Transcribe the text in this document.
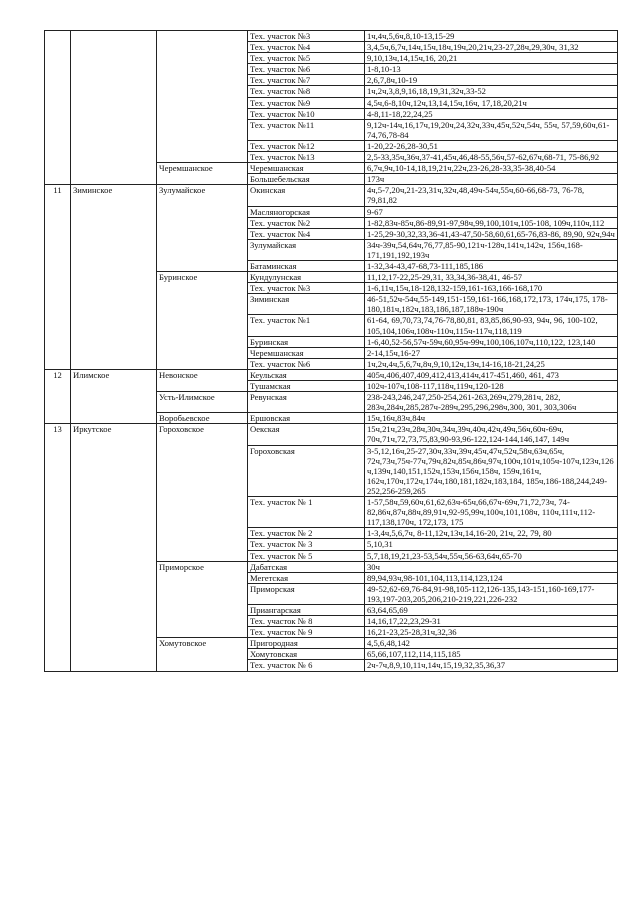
			Тех. участок №3	1ч,4ч,5,6ч,8,10-13,15-29
			Тех. участок №4	3,4,5ч,6,7ч,14ч,15ч,18ч,19ч,20,21ч,23-27,28ч,29,30ч, 31,32
			Тех. участок №5	9,10,13ч,14,15ч,16, 20,21
			Тех. участок №6	1-8,10-13
			Тех. участок №7	2,6,7,8ч,10-19
			Тех. участок №8	1ч,2ч,3,8,9,16,18,19,31,32ч,33-52
			Тех. участок №9	4,5ч,6-8,10ч,12ч,13,14,15ч,16ч, 17,18,20,21ч
			Тех. участок №10	4-8,11-18,22,24,25
			Тех. участок №11	9,12ч-14ч,16,17ч,19,20ч,24,32ч,33ч,45ч,52ч,54ч, 55ч, 57,59,60ч,61-74,76,78-84
			Тех. участок №12	1-20,22-26,28-30,51
			Тех. участок №13	2,5-33,35ч,36ч,37-41,45ч,46,48-55,56ч,57-62,67ч,68-71, 75-86,92
		Черемшанское	Черемшанская	6,7ч,9ч,10-14,18,19,21ч,22ч,23-26,28-33,35-38,40-54
			Большебельская	173ч
11	Зиминское	Зулумайское	Окинская	4ч,5-7,20ч,21-23,31ч,32ч,48,49ч-54ч,55ч,60-66,68-73, 76-78, 79,81,82
			Масляногорская	9-67
			Тех. участок №2	1-82,83ч-85ч,86-89,91-97,98ч,99,100,101ч,105-108, 109ч,110ч,112
			Тех. участок №4	1-25,29-30,32,33,36-41,43-47,50-58,60,61,65-76,83-86, 89,90, 92ч,94ч
			Зулумайская	34ч-39ч,54,64ч,76,77,85-90,121ч-128ч,141ч,142ч, 156ч,168-171,191,192,193ч
			Батаминская	1-32,34-43,47-68,73-111,185,186
		Буринское	Кундулунская	11,12,17-22,25-29,31, 33,34,36-38,41, 46-57
			Тех. участок №3	1-6,11ч,15ч,18-128,132-159,161-163,166-168,170
			Зиминская	46-51,52ч-54ч,55-149,151-159,161-166,168,172,173, 174ч,175, 178-180,181ч,182ч,183,186,187,188ч-190ч
			Тех. участок №1	61-64, 69,70,73,74,76-78,80,81, 83,85,86,90-93, 94ч, 96, 100-102, 105,104,106ч,108ч-110ч,115ч-117ч,118,119
			Буринская	1-6,40,52-56,57ч-59ч,60,95ч-99ч,100,106,107ч,110,122, 123,140
			Черемшанская	2-14,15ч,16-27
			Тех. участок №6	1ч,2ч,4ч,5,6,7ч,8ч,9,10,12ч,13ч,14-16,18-21,24,25
12	Илимское	Невонское	Кеульская	405ч,406,407,409,412,413,414ч,417-451,460, 461, 473
			Тушамская	102ч-107ч,108-117,118ч,119ч,120-128
		Усть-Илимское	Ревунская	238-243,246,247,250-254,261-263,269ч,279,281ч, 282, 283ч,284ч,285,287ч-289ч,295,296,298ч,300, 301, 303,306ч
		Воробьевское	Ершовская	15ч,16ч,83ч,84ч
13	Иркутское	Гороховское	Оекская	15ч,21ч,23ч,28ч,30ч,34ч,39ч,40ч,42ч,49ч,56ч,60ч-69ч, 70ч,71ч,72,73,75,83,90-93,96-122,124-144,146,147, 149ч
			Гороховская	3-5,12,16ч,25-27,30ч,33ч,39ч,45ч,47ч,52ч,58ч,63ч,65ч, 72ч,73ч,75ч-77ч,79ч,82ч,85ч,86ч,97ч,100ч,101ч,105ч-107ч,123ч,126ч,139ч,140,151,152ч,153ч,156ч,158ч, 159ч,161ч, 162ч,170ч,172ч,174ч,180,181,182ч,183,184, 185ч,186-188,244,249-252,256-259,265
			Тех. участок № 1	1-57,58ч,59,60ч,61,62,63ч-65ч,66,67ч-69ч,71,72,73ч, 74-82,86ч,87ч,88ч,89,91ч,92-95,99ч,100ч,101,108ч, 110ч,111ч,112-117,138,170ч, 172,173, 175
			Тех. участок № 2	1-3,4ч,5,6,7ч, 8-11,12ч,13ч,14,16-20, 21ч, 22, 79, 80
			Тех. участок № 3	5,10,31
			Тех. участок № 5	5,7,18,19,21,23-53,54ч,55ч,56-63,64ч,65-70
		Приморское	Дабатская	30ч
			Мегетская	89,94,93ч,98-101,104,113,114,123,124
			Приморская	49-52,62-69,76-84,91-98,105-112,126-135,143-151,160-169,177-193,197-203,205,206,210-219,221,226-232
			Приангарская	63,64,65,69
			Тех. участок № 8	14,16,17,22,23,29-31
			Тех. участок № 9	16,21-23,25-28,31ч,32,36
		Хомутовское	Пригородная	4,5,6,48,142
			Хомутовская	65,66,107,112,114,115,185
			Тех. участок № 6	2ч-7ч,8,9,10,11ч,14ч,15,19,32,35,36,37
